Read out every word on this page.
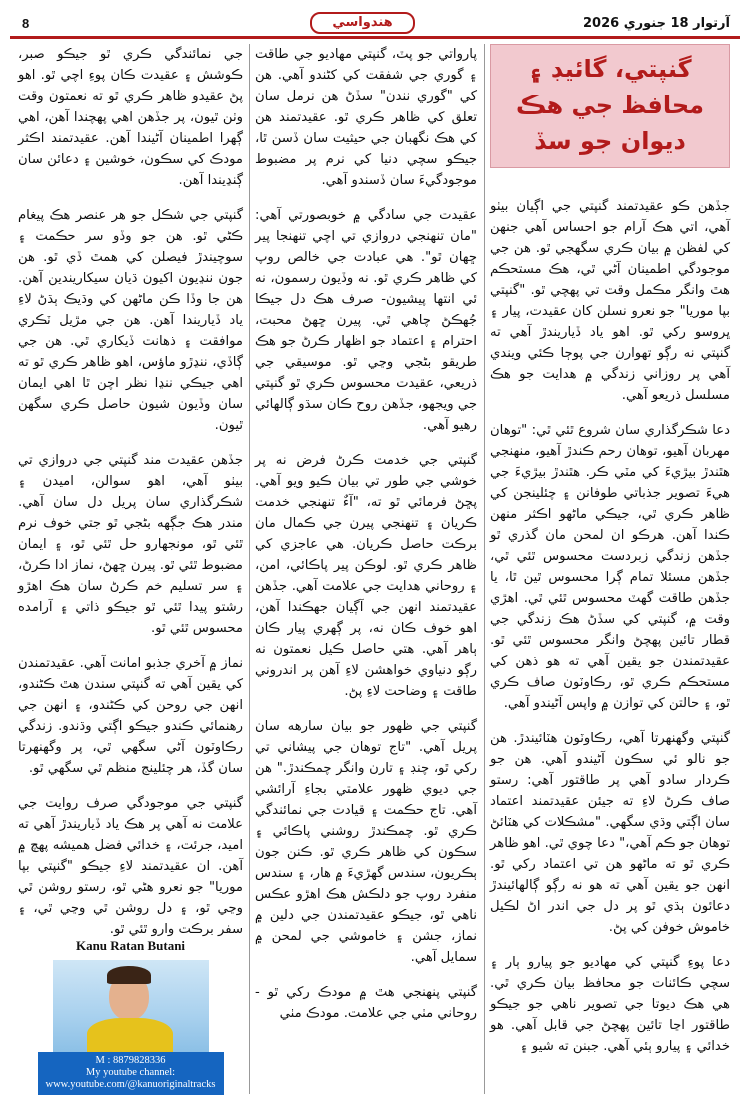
8	هندواسي	آرتوار 18 جنوري 2026
گنپتي، گائيڊ ۽ محافظ جي هڪ ديوان جو سڏ

جڏهن ڪو عقيدتمند گنپتي جي اڳيان بيٺو آهي، اتي هڪ آرام جو احساس آهي جنهن کي لفظن ۾ بيان ڪري سگهجي ٿو. هن جي موجودگي اطمينان آڻي ٿي، هڪ مستحڪم هٿ وانگر مڪمل وقت تي پهچي ٿو. "گنپتي بپا موريا" جو نعرو نسلن کان عقيدت، پيار ۽ ڀروسو رکي ٿو. اهو ياد ڏياريندڙ آهي ته گنپتي نه رڳو تهوارن جي پوڄا ڪئي ويندي آهي پر روزاني زندگي ۾ هدايت جو هڪ مسلسل ذريعو آهي.

دعا شڪرگذاري سان شروع ٿئي ٿي: "توهان مهربان آهيو، توهان رحم ڪندڙ آهيو، منهنجي هٿندڙ بيڙيءَ کي مٽي ڪر. هٿندڙ بيڙيءَ جي هيءَ تصوير جذباتي طوفانن ۽ چئلينجن کي ظاهر ڪري ٿي، جيڪي ماڻهو اڪثر منهن ڪندا آهن. هرڪو ان لمحن مان گذري ٿو جڏهن زندگي زبردست محسوس ٿئي ٿي، جڏهن مسئلا تمام ڳرا محسوس ٿين ٿا، يا جڏهن طاقت گهٽ محسوس ٿئي ٿي. اهڙي وقت ۾، گنپتي کي سڏڻ هڪ زندگي جي قطار تائين پهچڻ وانگر محسوس ٿئي ٿو. عقيدتمندن جو يقين آهي ته هو ذهن کي مستحڪم ڪري ٿو، رڪاوٽون صاف ڪري ٿو، ۽ حالتن کي توازن ۾ واپس آڻيندو آهي.

گنپتي وگهنهرتا آهي، رڪاوٽون هٽائيندڙ. هن جو نالو ئي سڪون آڻيندو آهي. هن جو ڪردار سادو آهي پر طاقتور آهي: رستو صاف ڪرڻ لاءِ ته جيئن عقيدتمند اعتماد سان اڳتي وڌي سگهي. "مشڪلات کي هٽائڻ توهان جو ڪم آهي،" دعا چوي ٿي. اهو ظاهر ڪري ٿو ته ماڻهو هن تي اعتماد رکي ٿو. انهن جو يقين آهي ته هو نه رڳو ڳالهائيندڙ دعائون ٻڌي ٿو پر دل جي اندر اڻ لڪيل خاموش خوفن کي پڻ.

دعا پوءِ گنپتي کي مهاديو جو پيارو ٻار ۽ سچي ڪائنات جو محافظ بيان ڪري ٿي. هي هڪ ديوتا جي تصوير ناهي جو جيڪو طاقتور اڃا تائين پهچڻ جي قابل آهي. هو خدائي ۽ پيارو ٻئي آهي. جبنن ته شيو ۽

پارواتي جو پٽ، گنپتي مهاديو جي طاقت ۽ گوري جي شفقت کي کڻندو آهي. هن کي "گوري نندن" سڏڻ هن نرمل سان تعلق کي ظاهر ڪري ٿو. عقيدتمند هن کي هڪ نگهبان جي حيثيت سان ڏسن ٿا، جيڪو سچي دنيا کي نرم پر مضبوط موجودگيءَ سان ڏسندو آهي.

عقيدت جي سادگي ۾ خوبصورتي آهي: "مان تنهنجي دروازي تي اچي تنهنجا پير ڇهان ٿو". هي عبادت جي خالص روپ کي ظاهر ڪري ٿو. نه وڏيون رسمون، نه ئي انتها پيشيون- صرف هڪ دل جيڪا جُهڪڻ چاهي ٿي. پيرن ڇهڻ محبت، احترام ۽ اعتماد جو اظهار ڪرڻ جو هڪ طريقو بڻجي وڃي ٿو. موسيقي جي ذريعي، عقيدت محسوس ڪري ٿو گنپتي جي ويجهو، جڏهن روح ڪان سڌو ڳالهائي رهيو آهي.

گنپتي جي خدمت ڪرڻ فرض نه پر خوشي جي طور تي بيان ڪيو ويو آهي. پڇڻ فرمائي ٿو ته، "آءٌ تنهنجي خدمت ڪريان ۽ تنهنجي پيرن جي ڪمال مان برڪت حاصل ڪريان. هي عاجزي کي ظاهر ڪري ٿو. لوڪن پير پاڪائي، امن، ۽ روحاني هدايت جي علامت آهي. جڏهن عقيدتمند انهن جي آڳيان جهڪندا آهن، اهو خوف ڪان نه، پر ڳهري پيار ڪان ٻاهر آهي. هتي حاصل ڪيل نعمتون نه رڳو دنياوي خواهشن لاءِ آهن پر اندروني طاقت ۽ وضاحت لاءِ پڻ.

گنپتي جي ظهور جو بيان سارهه سان پريل آهي. "تاج توهان جي پيشاني تي رکي ٿو، چنڊ ۽ تارن وانگر چمڪندڙ." هن جي ديوي ظهور علامتي بجاءِ آرائشي آهي. تاج حڪمت ۽ قيادت جي نمائندگي ڪري ٿو. چمڪندڙ روشني پاڪائي ۽ سڪون کي ظاهر ڪري ٿو. ڪنن جون ٻڪريون، سندس گهڙيءَ ۾ هار، ۽ سندس منفرد روپ جو دلڪش هڪ اهڙو عڪس ناهي ٿو، جيڪو عقيدتمندن جي دلين ۾ نماز، جشن ۽ خاموشي جي لمحن ۾ سمايل آهي.

گنپتي پنهنجي هٿ ۾ مودڪ رکي ٿو - روحاني مٺي جي علامت. مودڪ مٺي

جي نمائندگي ڪري ٿو جيڪو صبر، ڪوشش ۽ عقيدت ڪان پوءِ اچي ٿو. اهو پڻ عقيدو ظاهر ڪري ٿو ته نعمتون وقت وٺن ٿيون، پر جڏهن اهي پهچندا آهن، اهي ڳهرا اطمينان آڻيندا آهن. عقيدتمند اڪثر مودڪ کي سڪون، خوشين ۽ دعائن سان ڳنڍيندا آهن.

گنپتي جي شڪل جو هر عنصر هڪ پيغام ڪڻي ٿو. هن جو وڏو سر حڪمت ۽ سوچيندڙ فيصلن کي همٿ ڏي ٿو. هن جون ننڍيون اکيون ڌيان سيکاريندين آهن. هن جا وڏا ڪن ماڻهن کي وڌيڪ ٻڌڻ لاءِ ياد ڏياريندا آهن. هن جي مڙيل ٽڪري موافقت ۽ ذهانت ڏيکاري ٿي. هن جي ڳاڏي، ننڍڙو ماؤس، اهو ظاهر ڪري ٿو ته اهي جيڪي ننڍا نظر اچن ٿا اهي ايمان سان وڏيون شيون حاصل ڪري سگهن ٿيون.

جڏهن عقيدت مند گنپتي جي دروازي تي بيٺو آهي، اهو سوالن، اميدن ۽ شڪرگذاري سان پريل دل سان آهي. مندر هڪ جڳهه بڻجي ٿو جتي خوف نرم ٿئي ٿو، مونجهارو حل ٿئي ٿو، ۽ ايمان مضبوط ٿئي ٿو. پيرن ڇهڻ، نماز ادا ڪرڻ، ۽ سر تسليم خم ڪرڻ سان هڪ اهڙو رشتو پيدا ٿئي ٿو جيڪو ذاتي ۽ آرامده محسوس ٿئي ٿو.

نماز ۾ آخري جذبو امانت آهي. عقيدتمندن کي يقين آهي ته گنپتي سندن هٿ ڪڻندو، انهن جي روحن کي ڪڻندو، ۽ انهن جي رهنمائي ڪندو جيڪو اڳتي وڌندو. زندگي رڪاوٽون آڻي سگهي ٿي، پر وگهنهرتا سان گڏ، هر چئلينج منظم ٿي سگهي ٿو.

گنپتي جي موجودگي صرف روايت جي علامت نه آهي پر هڪ ياد ڏياريندڙ آهي ته اميد، جرئت، ۽ خدائي فضل هميشه پهچ ۾ آهن. ان عقيدتمند لاءِ جيڪو "گنپتي بپا موريا" جو نعرو هڻي ٿو، رستو روشن ٿي وڃي ٿو، ۽ دل روشن ٿي وڃي ٿي، ۽ سفر برڪت وارو ٿئي ٿو.

Kanu Ratan Butani
M : 8879828336
My youtube channel:
www.youtube.com/@kanuoriginaltracks
